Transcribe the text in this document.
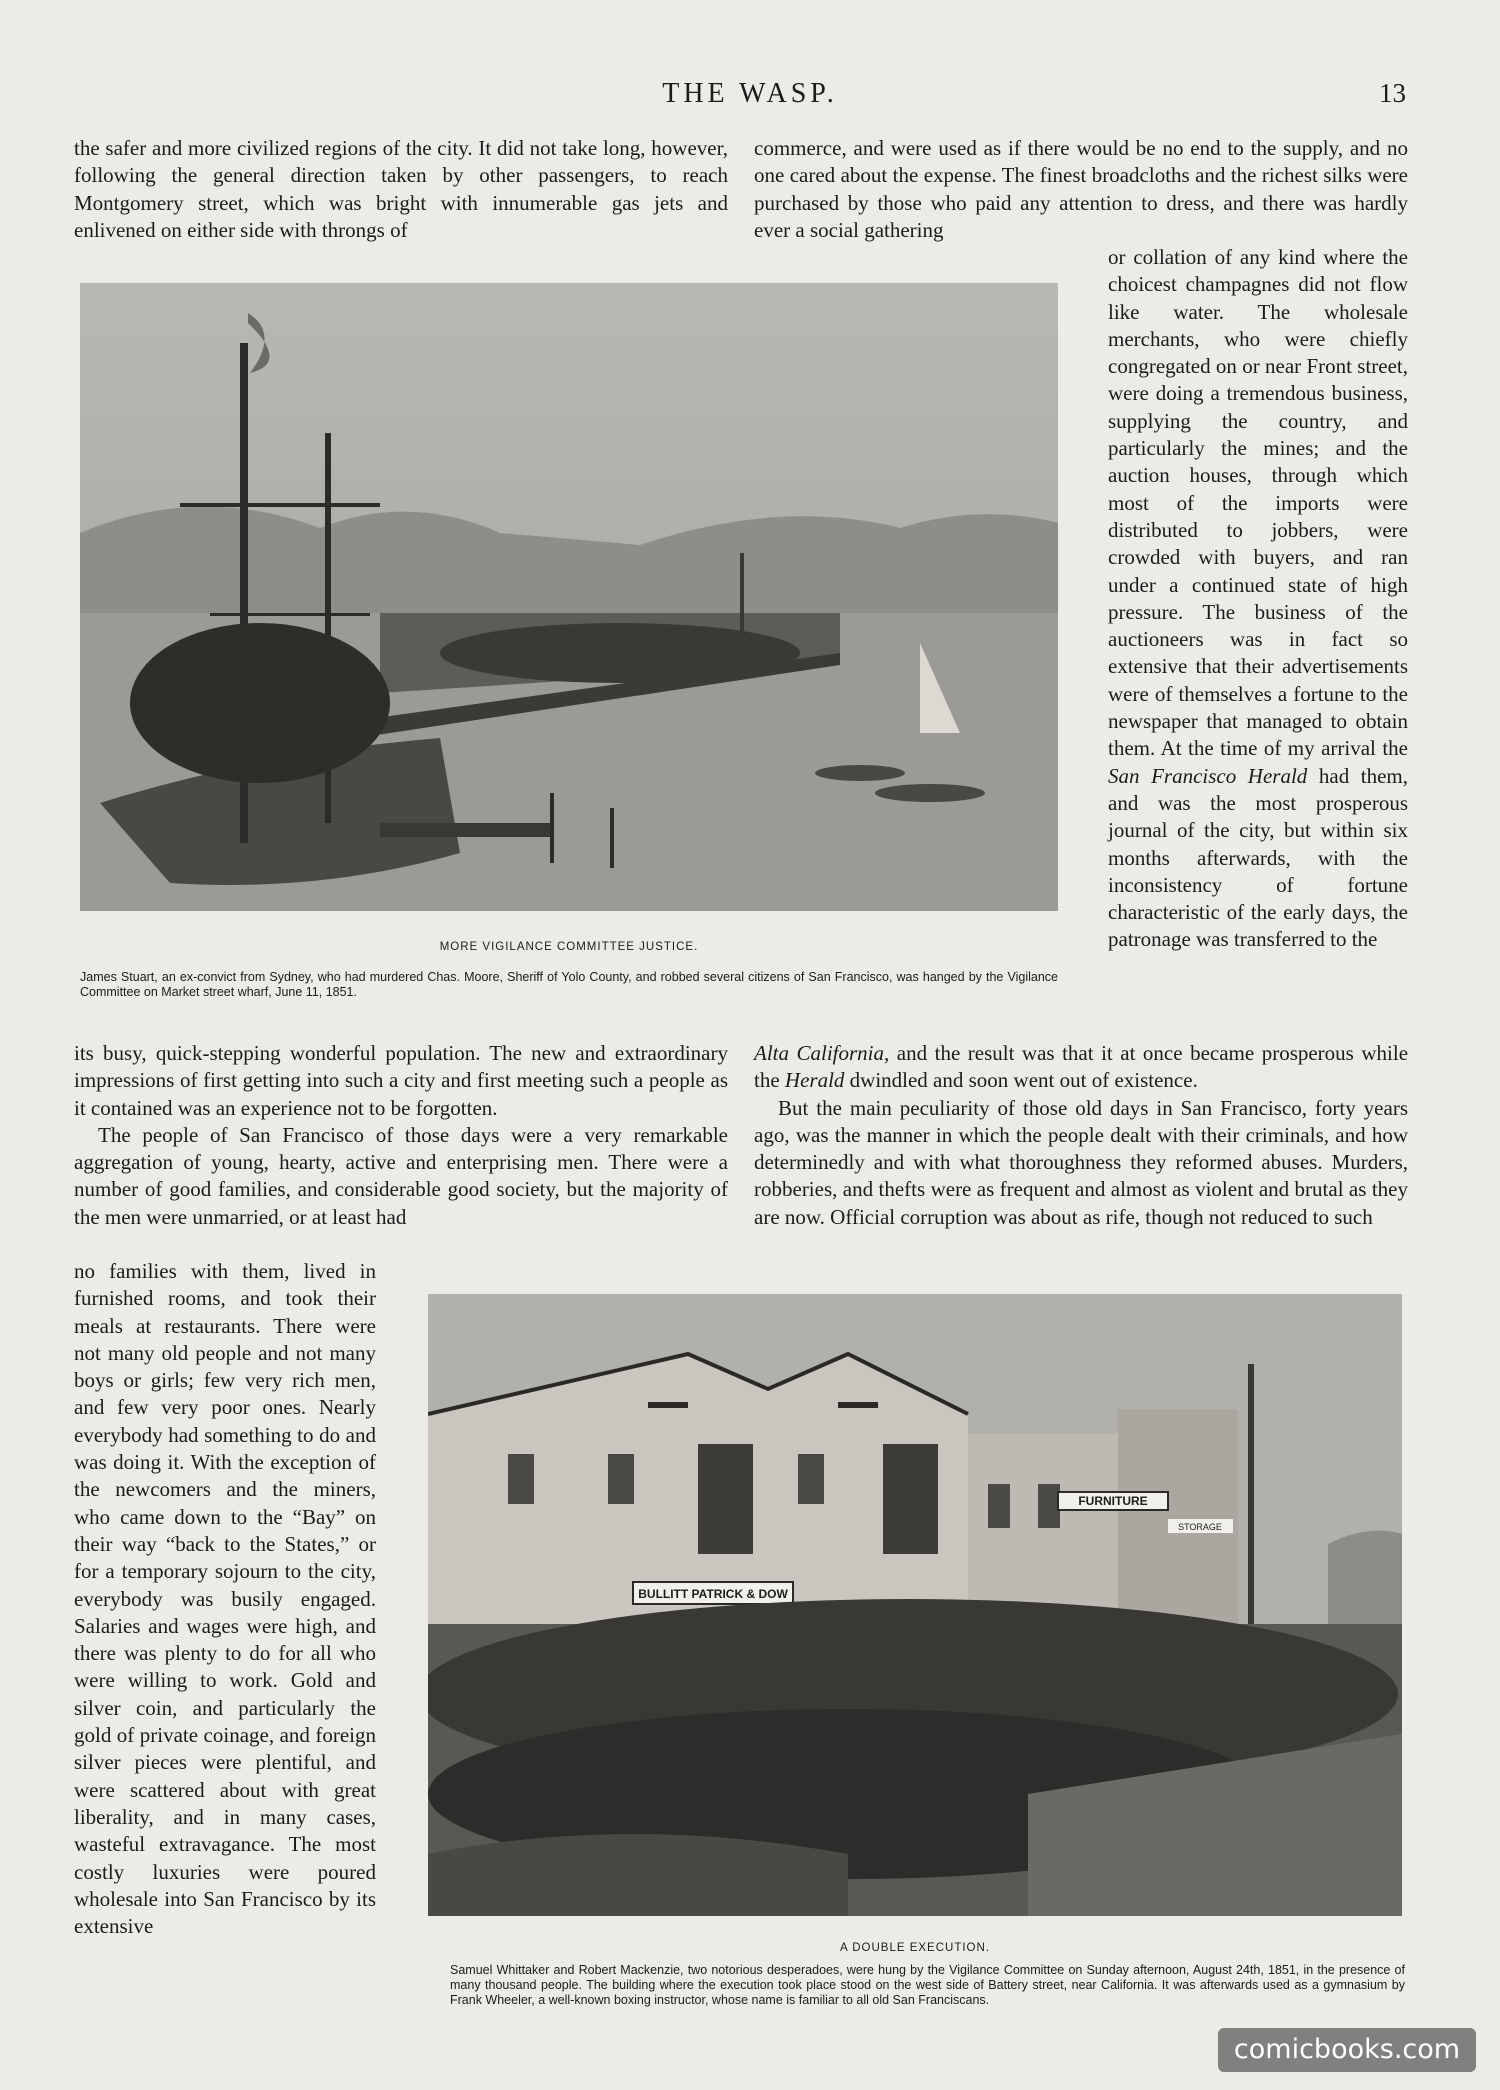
THE WASP.	13

the safer and more civilized regions of the city. It did not take long, however, following the general direction taken by other passengers, to reach Montgomery street, which was bright with innumerable gas jets and enlivened on either side with throngs of

commerce, and were used as if there would be no end to the supply, and no one cared about the expense. The finest broadcloths and the richest silks were purchased by those who paid any attention to dress, and there was hardly ever a social gathering

MORE VIGILANCE COMMITTEE JUSTICE.
James Stuart, an ex-convict from Sydney, who had murdered Chas. Moore, Sheriff of Yolo County, and robbed several citizens of San Francisco, was hanged by the Vigilance Committee on Market street wharf, June 11, 1851.

or collation of any kind where the choicest champagnes did not flow like water. The wholesale merchants, who were chiefly congregated on or near Front street, were doing a tremendous business, supplying the country, and particularly the mines; and the auction houses, through which most of the imports were distributed to jobbers, were crowded with buyers, and ran under a continued state of high pressure. The business of the auctioneers was in fact so extensive that their advertisements were of themselves a fortune to the newspaper that managed to obtain them. At the time of my arrival the San Francisco Herald had them, and was the most prosperous journal of the city, but within six months afterwards, with the inconsistency of fortune characteristic of the early days, the patronage was transferred to the

its busy, quick-stepping wonderful population. The new and extraordinary impressions of first getting into such a city and first meeting such a people as it contained was an experience not to be forgotten.

The people of San Francisco of those days were a very remarkable aggregation of young, hearty, active and enterprising men. There were a number of good families, and considerable good society, but the majority of the men were unmarried, or at least had

Alta California, and the result was that it at once became prosperous while the Herald dwindled and soon went out of existence.

But the main peculiarity of those old days in San Francisco, forty years ago, was the manner in which the people dealt with their criminals, and how determinedly and with what thoroughness they reformed abuses. Murders, robberies, and thefts were as frequent and almost as violent and brutal as they are now. Official corruption was about as rife, though not reduced to such

no families with them, lived in furnished rooms, and took their meals at restaurants. There were not many old people and not many boys or girls; few very rich men, and few very poor ones. Nearly everybody had something to do and was doing it. With the exception of the newcomers and the miners, who came down to the “Bay” on their way “back to the States,” or for a temporary sojourn to the city, everybody was busily engaged. Salaries and wages were high, and there was plenty to do for all who were willing to work. Gold and silver coin, and particularly the gold of private coinage, and foreign silver pieces were plentiful, and were scattered about with great liberality, and in many cases, wasteful extravagance. The most costly luxuries were poured wholesale into San Francisco by its extensive

FURNITURE
STORAGE
BULLITT PATRICK & DOW
A DOUBLE EXECUTION.
Samuel Whittaker and Robert Mackenzie, two notorious desperadoes, were hung by the Vigilance Committee on Sunday afternoon, August 24th, 1851, in the presence of many thousand people. The building where the execution took place stood on the west side of Battery street, near California. It was afterwards used as a gymnasium by Frank Wheeler, a well-known boxing instructor, whose name is familiar to all old San Franciscans.
comicbooks.com
